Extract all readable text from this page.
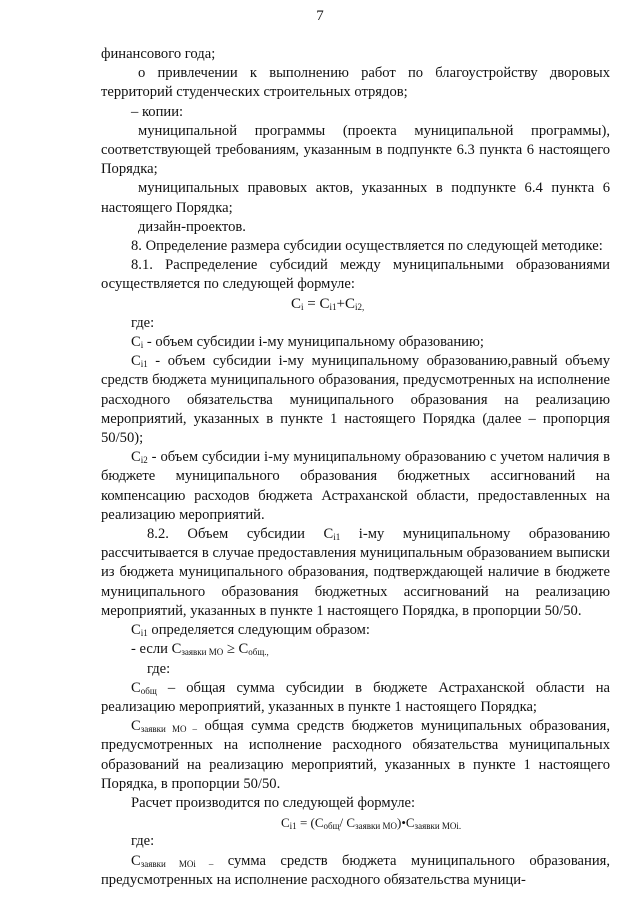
7

финансового года;

о привлечении к выполнению работ по благоустройству дворовых территорий студенческих строительных отрядов;

– копии:

муниципальной программы (проекта муниципальной программы), соответствующей требованиям, указанным в подпункте 6.3 пункта 6 настоящего Порядка;

муниципальных правовых актов, указанных в подпункте 6.4 пункта 6 настоящего Порядка;

дизайн-проектов.

8. Определение размера субсидии осуществляется по следующей методике:

8.1. Распределение субсидий между муниципальными образованиями осуществляется по следующей формуле:

$C_i = C_{i1}+C_{i2,}$

где:

$C_i$ - объем субсидии i-му муниципальному образованию;

$C_{i1}$ - объем субсидии i-му муниципальному образованию,равный объему средств бюджета муниципального образования, предусмотренных на исполнение расходного обязательства муниципального образования на реализацию мероприятий, указанных в пункте 1 настоящего Порядка (далее – пропорция 50/50);

$C_{i2}$ - объем субсидии i-му муниципальному образованию с учетом наличия в бюджете муниципального образования бюджетных ассигнований на компенсацию расходов бюджета Астраханской области, предоставленных на реализацию мероприятий.

8.2. Объем субсидии $C_{i1}$ i-му муниципальному образованию рассчитывается в случае предоставления муниципальным образованием выписки из бюджета муниципального образования, подтверждающей наличие в бюджете муниципального образования бюджетных ассигнований на реализацию мероприятий, указанных в пункте 1 настоящего Порядка, в пропорции 50/50.

$C_{i1}$ определяется следующим образом:

- если $C_{заявки МО} \ge C_{общ.,}$

где:

$C_{общ}$ – общая сумма субсидии в бюджете Астраханской области на реализацию мероприятий, указанных в пункте 1 настоящего Порядка;

$C_{заявки МО -}$ общая сумма средств бюджетов муниципальных образования, предусмотренных на исполнение расходного обязательства муниципальных образований на реализацию мероприятий, указанных в пункте 1 настоящего Порядка, в пропорции 50/50.

Расчет производится по следующей формуле:

$C_{i1} = (C_{общ}/$ $C_{заявки МО})•C_{заявки МОi.}$

где:

$C_{заявки МОi -}$ сумма средств бюджета муниципального образования, предусмотренных на исполнение расходного обязательства муници-
